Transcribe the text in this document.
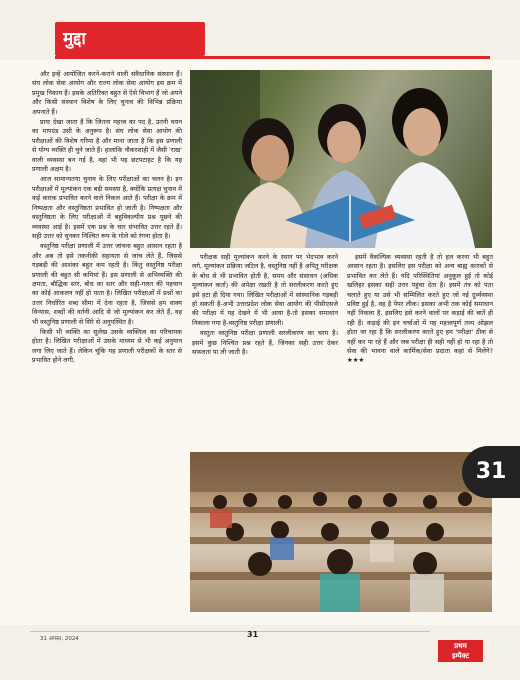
मुद्दा

और इन्हें आयोजित करने-कराने वाली संवैधानिक संस्थान हैं। संघ लोक सेवा आयोग और राज्य लोक सेवा आयोग इस क्रम में प्रमुख निकाय हैं। इसके अतिरिक्त बहुत से ऐसे विभाग हैं जो अपने और किसी संस्थान विशेष के लिए चुनाव की विभिन्न प्रक्रिया अपनाते हैं।

प्रायः देखा जाता है कि जितना महत्त्व का पद है, उतनी चयन का मापदंड उसी के अनुरूप है। संघ लोक सेवा आयोग की परीक्षाओं की विशेष गरिमा है और माना जाता है कि इस प्रणाली से योग्य व्यक्ति ही चुने जाते हैं। हालांकि नौकरशाही में जैसी 'राख' वाली व्यवस्था बन गई है, वहां भी यह छटपटाहट है कि यह प्रणाली अक्षम है।

आज सामान्यतया चुनाव के लिए परीक्षाओं का चलन है। इन परीक्षाओं में मूल्यांकन एक बड़ी समस्या है, क्योंकि प्रत्यक्ष चुनाव में कई कारक प्रभावित करने वाले निकल आते हैं। परीक्षा के क्रम में निष्पक्षता और वस्तुनिष्ठता प्रभावित हो जाती है। निष्पक्षता और वस्तुनिष्ठता के लिए परीक्षाओं में बहुविकल्पीय प्रश्न पूछने की व्यवस्था आई है। इसमें एक प्रश्न के चार संभावित उत्तर रहते हैं। सही उत्तर को चुनकर निश्चित रूप के गोले को रंगना होता है।

वस्तुनिष्ठ परीक्षा प्रणाली में उत्तर जांचना बहुत आसान रहता है और अब तो इसे तकनीकी सहायता से जांच लेते हैं, जिससे गड़बड़ी की आशंका बहुत कम रहती है। किंतु वस्तुनिष्ठ परीक्षा प्रणाली की बहुत सी कमियां हैं। इस प्रणाली से अभिव्यक्ति की क्षमता, बौद्धिक स्तर, बोध का स्तर और सही-गलत की पहचान का कोई आकलन नहीं हो पाता है। लिखित परीक्षाओं में प्रश्नों का उत्तर निर्धारित शब्द सीमा में देना रहता है, जिससे हम वाक्य विन्यास, शब्दों की वर्तनी आदि से जो मूल्यांकन कर लेते हैं, वह भी वस्तुनिष्ठ प्रणाली से सिरे से अनुपस्थित है।

किसी भी व्यक्ति का सुलेख उसके व्यक्तित्व का परिचायक होता है। लिखित परीक्षाओं में उसके माध्यम से भी कई अनुमान लगा लिए जाते हैं। लेकिन चूंकि यह प्रणाली परीक्षकों के स्तर से प्रभावित होने लगी,

परीक्षक सही मूल्यांकन करने के स्थान पर भेदभाव करने लगे, मूल्यांकन प्रक्रिया जटिल है, वस्तुनिष्ठ नहीं है अपितु परीक्षक के बोध से भी प्रभावित होती है, समय और संसाधन (अधिक मूल्यांकन कर्ता) की अपेक्षा रखती है तो सरलीकरण करते हुए इसे हटा ही दिया गया। लिखित परीक्षाओं में सांस्थानिक गड़बड़ी हो सकती है-अभी उत्तरप्रदेश लोक सेवा आयोग की पीसीएसजे की परीक्षा में यह देखने में भी आया है-तो इसका समाधान निकाला गया है-वस्तुनिष्ठ परीक्षा प्रणाली।

वस्तुतः वस्तुनिष्ठ परीक्षा प्रणाली सरलीकरण का चरम है। इसमें कुछ निश्चित प्रश्न रहते हैं, जिनका सही उत्तर देकर सफलता पा ली जाती है।

इसमें वैकल्पिक व्यवस्था रहती है तो हल करना भी बहुत आसान रहता है। इसलिए इस परीक्षा को अन्य बाह्य कारकों से प्रभावित कर लेते हैं। यदि परिस्थितियां अनुकूल हुई तो कोई खलिहर इसका सही उत्तर पहुंचा देता है। इसमें तंत्र को पता चलाते हुए या उसे भी सम्मिलित करते हुए जो नई दुर्व्यवस्था प्रविष्ट हुई है, वह है पेपर लीक। इसका अभी तक कोई समाधान नहीं निकला है, इसलिए इसे करने वालों पर कड़ाई की बातें ही रही हैं। कड़ाई की इन चर्चाओं में यह महत्त्वपूर्ण तथ्य ओझल होता जा रहा है कि सरलीकरण करते हुए हम 'परीक्षा' ठीक से नहीं कर पा रहे हैं और जब परीक्षा ही सही नहीं हो पा रहा है तो सेवा की भावना वाले कार्मिक/सेवा प्रदाता कहां से मिलेंगे? ★★★

31
31 अगस्त, 2024	31
प्रथम
इम्पैक्ट
